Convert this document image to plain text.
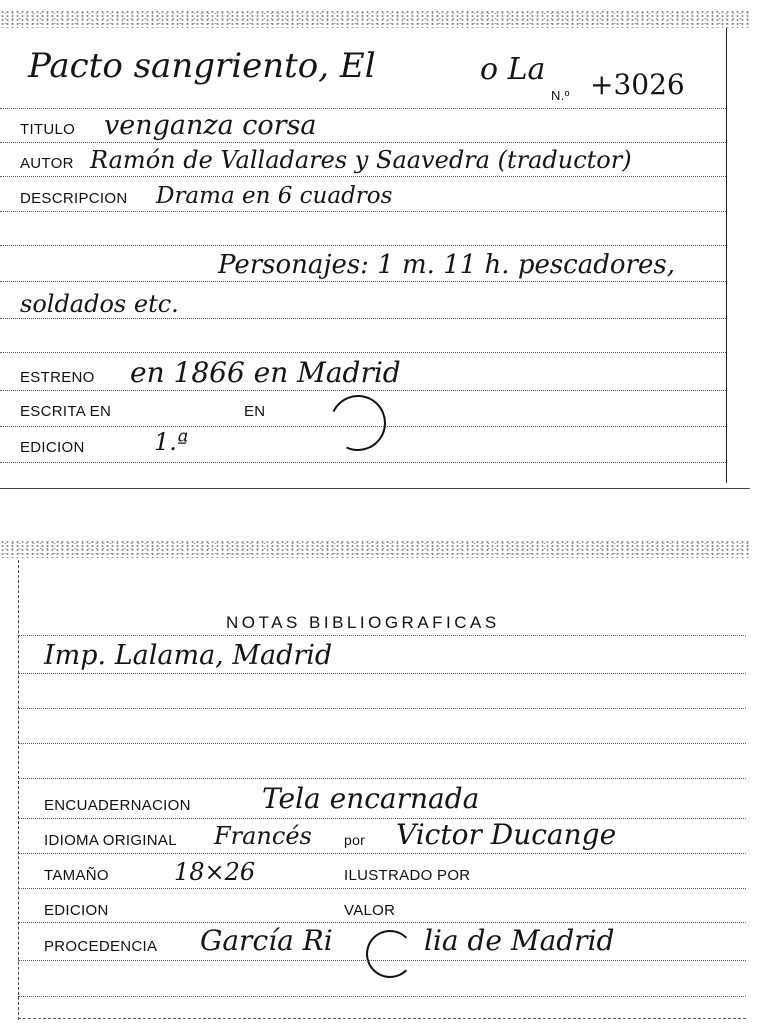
Pacto sangriento, El	o La
N.º +3026
TITULO venganza corsa
AUTOR Ramón de Valladares y Saavedra (traductor)
DESCRIPCION Drama en 6 cuadros
Personajes: 1 m. 11 h. pescadores,
soldados etc.
ESTRENO en 1866 en Madrid
ESCRITA EN	EN
EDICION	1.ª
NOTAS BIBLIOGRAFICAS
Imp. Lalama, Madrid
ENCUADERNACION	Tela encarnada
IDIOMA ORIGINAL Francés por Victor Ducange
TAMAÑO	18×26	ILUSTRADO POR
EDICION	VALOR
PROCEDENCIA García Ri	lia de Madrid
